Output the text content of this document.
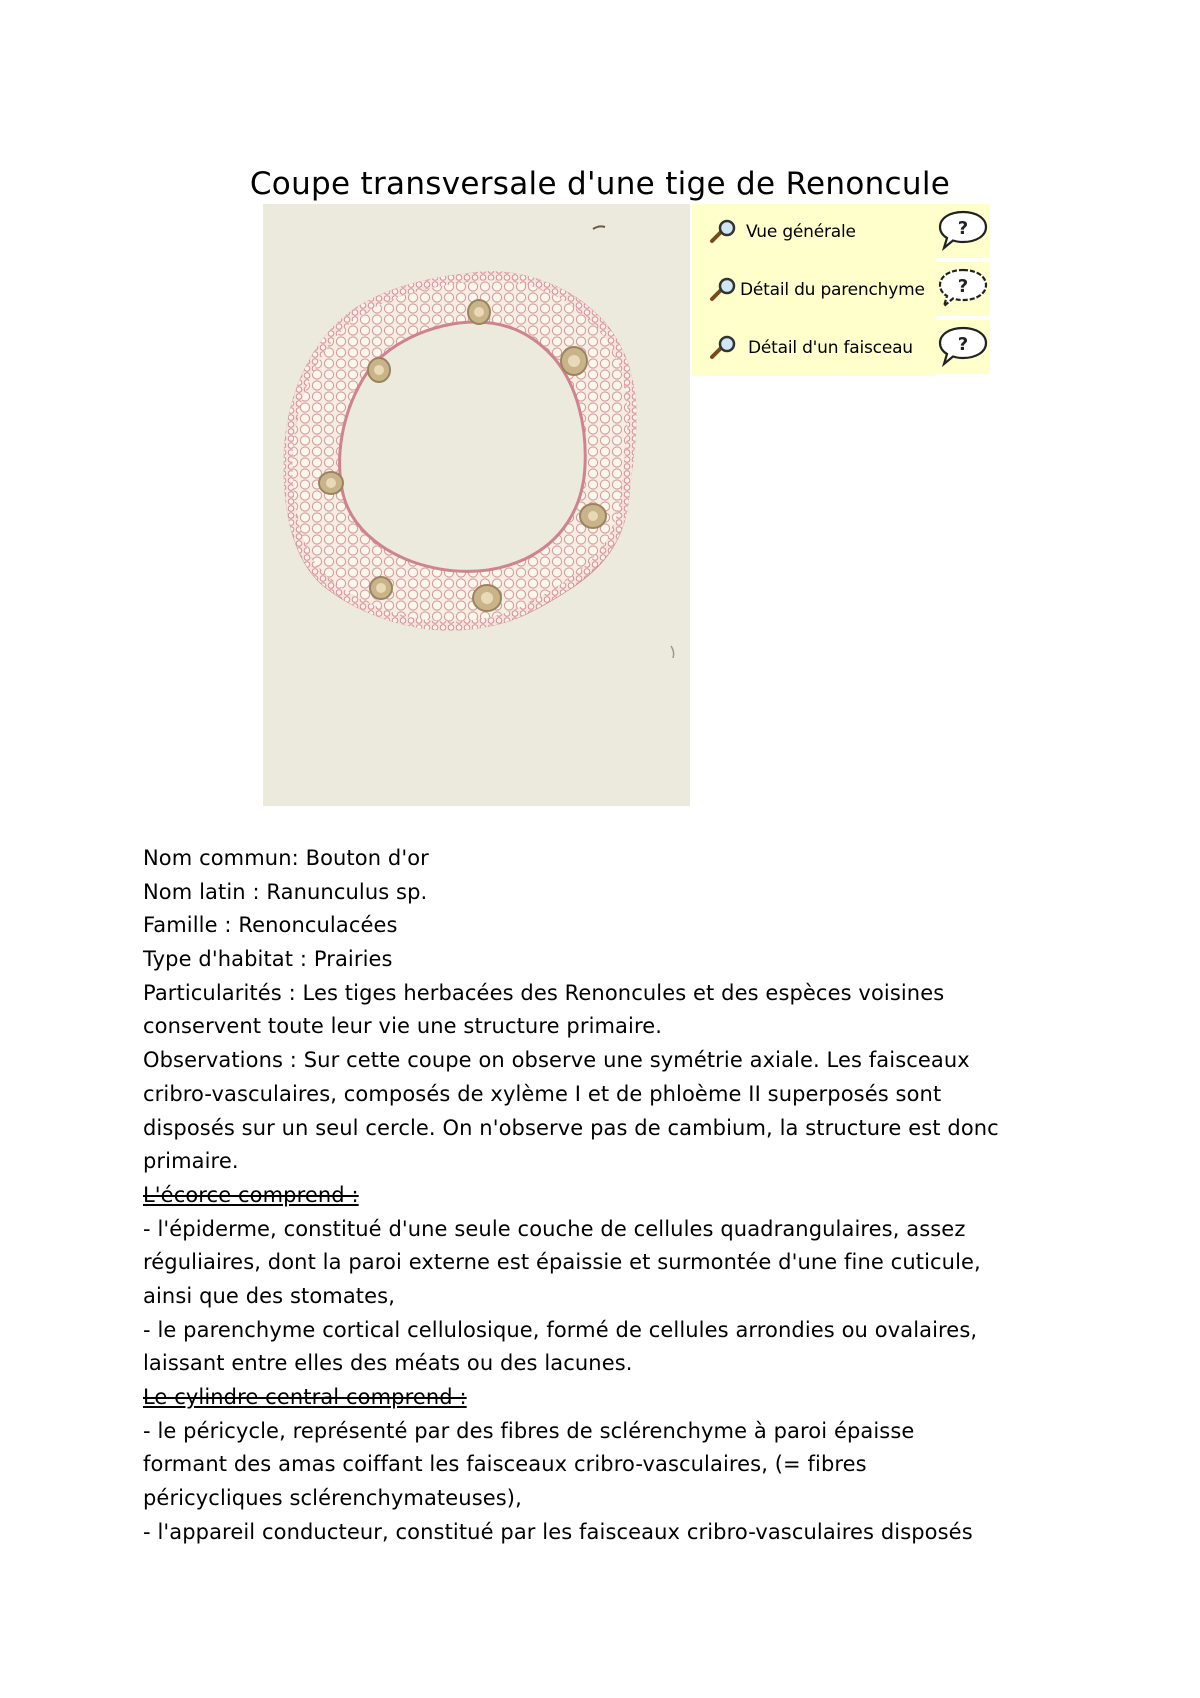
Coupe transversale d'une tige de Renoncule
Vue générale
Détail du parenchyme
Détail d'un faisceau
?
?
?
Nom commun: Bouton d'or
Nom latin : Ranunculus sp.
Famille : Renonculacées
Type d'habitat : Prairies
Particularités : Les tiges herbacées des Renoncules et des espèces voisines
conservent toute leur vie une structure primaire.
Observations : Sur cette coupe on observe une symétrie axiale. Les faisceaux
cribro-vasculaires, composés de xylème I et de phloème II superposés sont
disposés sur un seul cercle. On n'observe pas de cambium, la structure est donc
primaire.
L'écorce comprend :
- l'épiderme, constitué d'une seule couche de cellules quadrangulaires, assez
réguliaires, dont la paroi externe est épaissie et surmontée d'une fine cuticule,
ainsi que des stomates,
- le parenchyme cortical cellulosique, formé de cellules arrondies ou ovalaires,
laissant entre elles des méats ou des lacunes.
Le cylindre central comprend :
- le péricycle, représenté par des fibres de sclérenchyme à paroi épaisse
formant des amas coiffant les faisceaux cribro-vasculaires, (= fibres
péricycliques sclérenchymateuses),
- l'appareil conducteur, constitué par les faisceaux cribro-vasculaires disposés
